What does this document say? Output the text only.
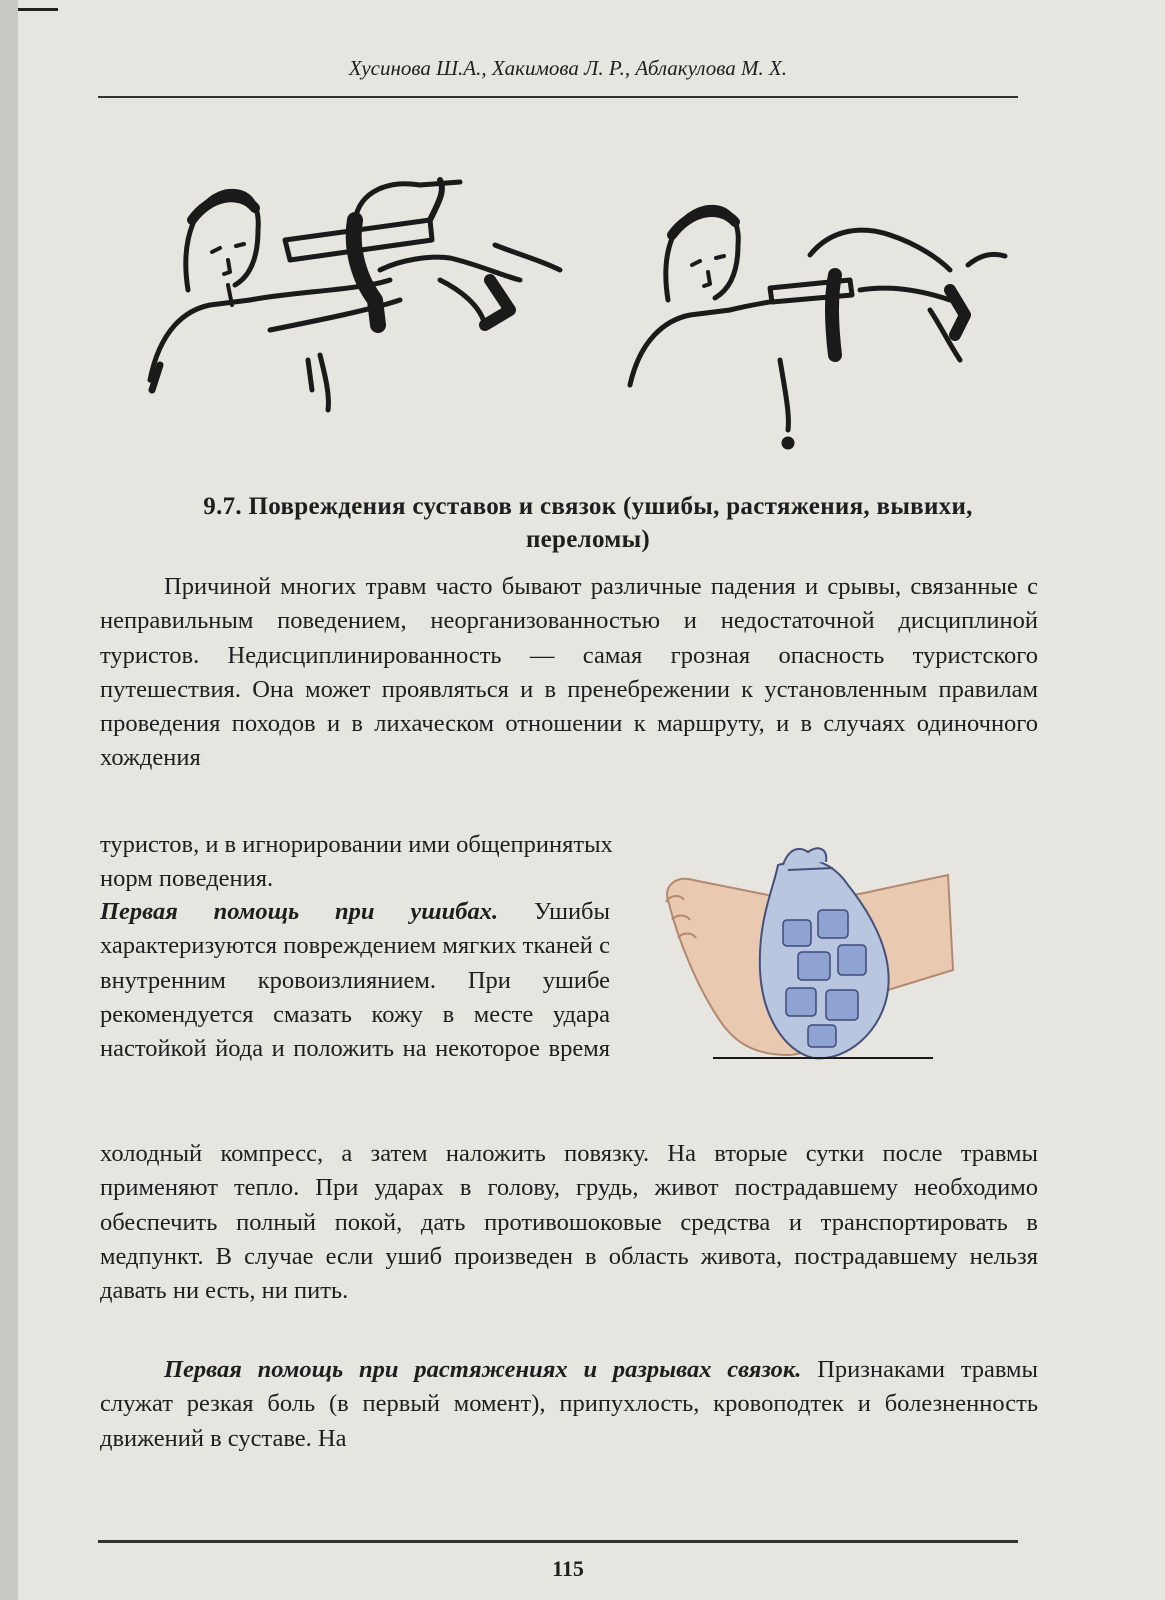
Хусинова Ш.А., Хакимова Л. Р., Аблакулова М. Х.
9.7. Повреждения суставов и связок (ушибы, растяжения, вывихи, переломы)

Причиной многих травм часто бывают различные падения и срывы, связанные с неправильным поведением, неорганизованностью и недостаточной дисциплиной туристов. Недисциплинированность — самая грозная опасность туристского путешествия. Она может проявляться и в пренебрежении к установленным правилам проведения походов и в лихаческом отношении к маршруту, и в случаях одиночного хождения

туристов, и в игнорировании ими общепринятых норм поведения.

Первая помощь при ушибах. Ушибы характеризуются повреждением мягких тканей с внутренним кровоизлиянием. При ушибе рекомендуется смазать кожу в месте удара настойкой йода и положить на некоторое время

холодный компресс, а затем наложить повязку. На вторые сутки после травмы применяют тепло. При ударах в голову, грудь, живот пострадавшему необходимо обеспечить полный покой, дать противошоковые средства и транспортировать в медпункт. В случае если ушиб произведен в область живота, пострадавшему нельзя давать ни есть, ни пить.

Первая помощь при растяжениях и разрывах связок. Признаками травмы служат резкая боль (в первый момент), припухлость, кровоподтек и болезненность движений в суставе. На

115
